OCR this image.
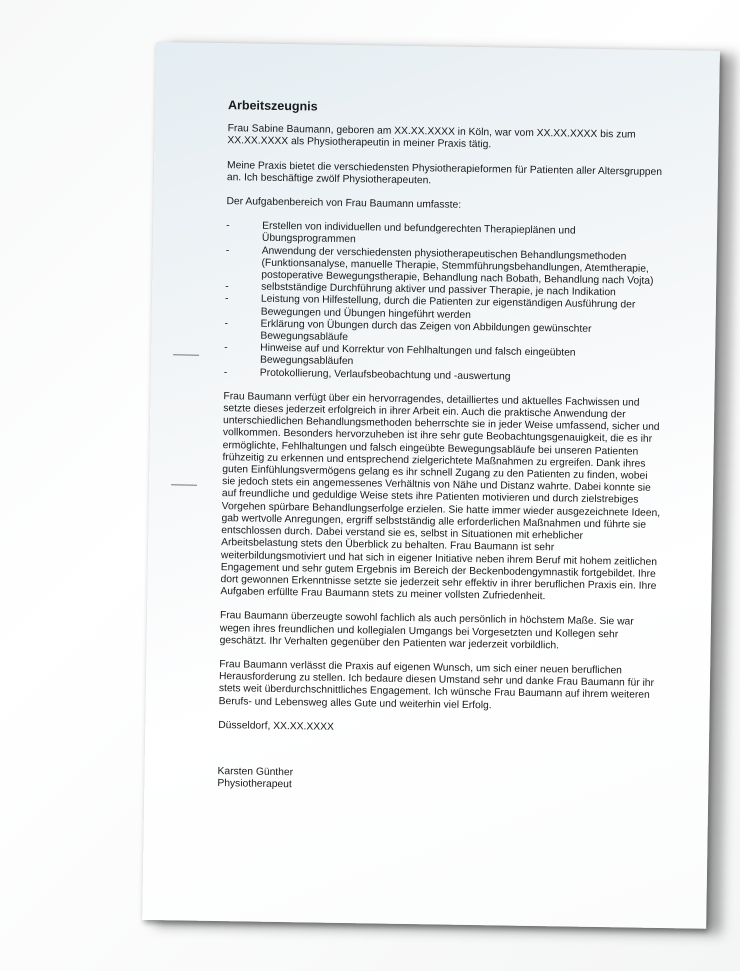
Arbeitszeugnis

Frau Sabine Baumann, geboren am XX.XX.XXXX in Köln, war vom XX.XX.XXXX bis zum XX.XX.XXXX als Physiotherapeutin in meiner Praxis tätig.

Meine Praxis bietet die verschiedensten Physiotherapieformen für Patienten aller Altersgruppen an. Ich beschäftige zwölf Physiotherapeuten.

Der Aufgabenbereich von Frau Baumann umfasste:

- Erstellen von individuellen und befundgerechten Therapieplänen und Übungsprogrammen
- Anwendung der verschiedensten physiotherapeutischen Behandlungsmethoden (Funktionsanalyse, manuelle Therapie, Stemmführungsbehandlungen, Atemtherapie, postoperative Bewegungstherapie, Behandlung nach Bobath, Behandlung nach Vojta)
- selbstständige Durchführung aktiver und passiver Therapie, je nach Indikation
- Leistung von Hilfestellung, durch die Patienten zur eigenständigen Ausführung der Bewegungen und Übungen hingeführt werden
- Erklärung von Übungen durch das Zeigen von Abbildungen gewünschter Bewegungsabläufe
- Hinweise auf und Korrektur von Fehlhaltungen und falsch eingeübten Bewegungsabläufen
- Protokollierung, Verlaufsbeobachtung und -auswertung

Frau Baumann verfügt über ein hervorragendes, detailliertes und aktuelles Fachwissen und setzte dieses jederzeit erfolgreich in ihrer Arbeit ein. Auch die praktische Anwendung der unterschiedlichen Behandlungsmethoden beherrschte sie in jeder Weise umfassend, sicher und vollkommen. Besonders hervorzuheben ist ihre sehr gute Beobachtungsgenauigkeit, die es ihr ermöglichte, Fehlhaltungen und falsch eingeübte Bewegungsabläufe bei unseren Patienten frühzeitig zu erkennen und entsprechend zielgerichtete Maßnahmen zu ergreifen. Dank ihres guten Einfühlungsvermögens gelang es ihr schnell Zugang zu den Patienten zu finden, wobei sie jedoch stets ein angemessenes Verhältnis von Nähe und Distanz wahrte. Dabei konnte sie auf freundliche und geduldige Weise stets ihre Patienten motivieren und durch zielstrebiges Vorgehen spürbare Behandlungserfolge erzielen. Sie hatte immer wieder ausgezeichnete Ideen, gab wertvolle Anregungen, ergriff selbstständig alle erforderlichen Maßnahmen und führte sie entschlossen durch. Dabei verstand sie es, selbst in Situationen mit erheblicher Arbeitsbelastung stets den Überblick zu behalten. Frau Baumann ist sehr weiterbildungsmotiviert und hat sich in eigener Initiative neben ihrem Beruf mit hohem zeitlichen Engagement und sehr gutem Ergebnis im Bereich der Beckenbodengymnastik fortgebildet. Ihre dort gewonnen Erkenntnisse setzte sie jederzeit sehr effektiv in ihrer beruflichen Praxis ein. Ihre Aufgaben erfüllte Frau Baumann stets zu meiner vollsten Zufriedenheit.

Frau Baumann überzeugte sowohl fachlich als auch persönlich in höchstem Maße. Sie war wegen ihres freundlichen und kollegialen Umgangs bei Vorgesetzten und Kollegen sehr geschätzt. Ihr Verhalten gegenüber den Patienten war jederzeit vorbildlich.

Frau Baumann verlässt die Praxis auf eigenen Wunsch, um sich einer neuen beruflichen Herausforderung zu stellen. Ich bedaure diesen Umstand sehr und danke Frau Baumann für ihr stets weit überdurchschnittliches Engagement. Ich wünsche Frau Baumann auf ihrem weiteren Berufs- und Lebensweg alles Gute und weiterhin viel Erfolg.

Düsseldorf, XX.XX.XXXX

Karsten Günther
Physiotherapeut
